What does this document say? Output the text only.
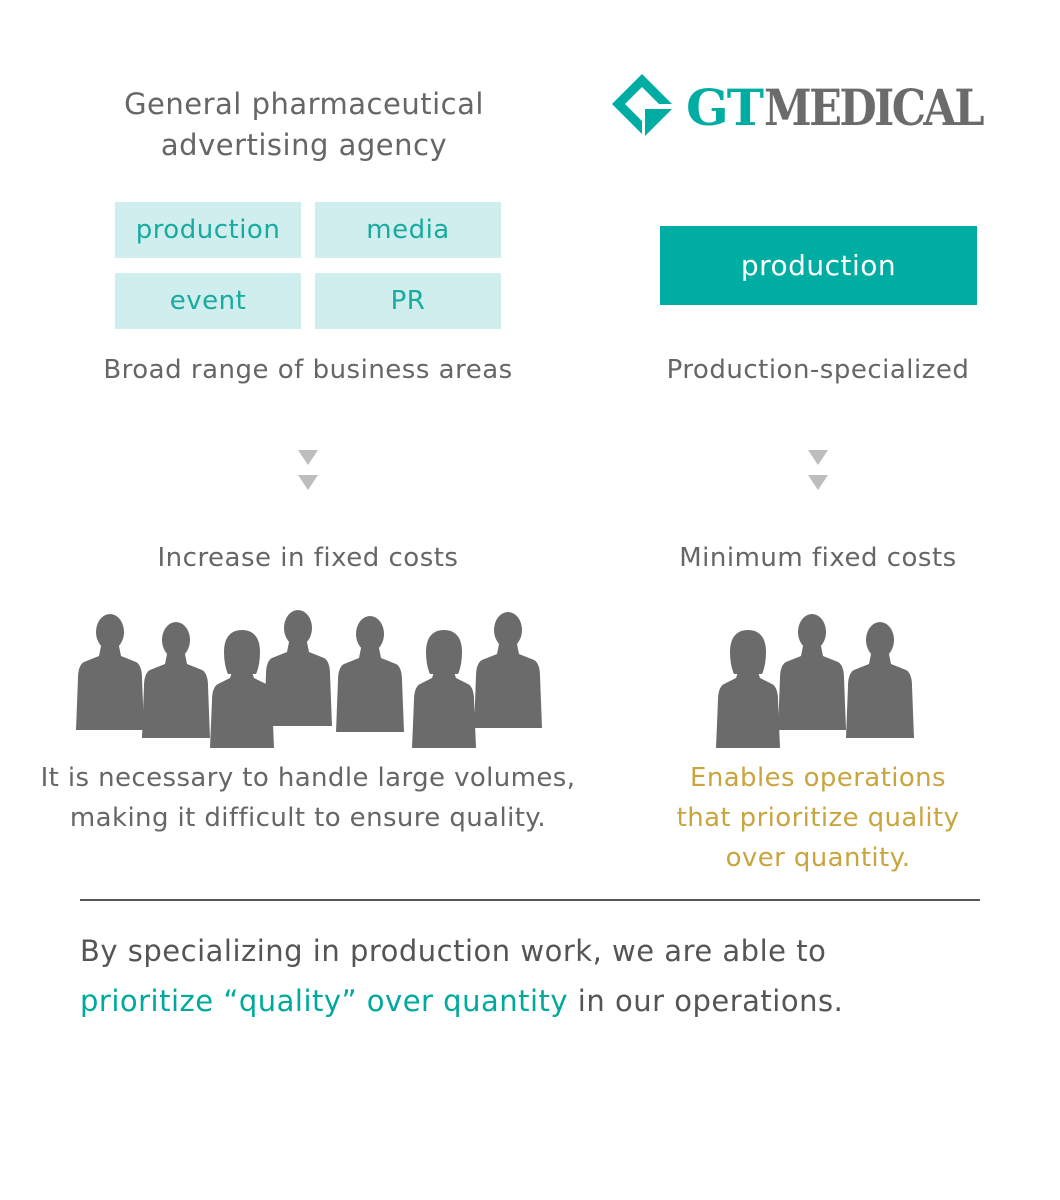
General pharmaceutical
advertising agency
GT MEDICAL
production	media
event	PR
production
Broad range of business areas	Production-specialized
Increase in fixed costs	Minimum fixed costs
It is necessary to handle large volumes,
making it difficult to ensure quality.
Enables operations
that prioritize quality
over quantity.
By specializing in production work, we are able to
prioritize “quality” over quantity in our operations.
